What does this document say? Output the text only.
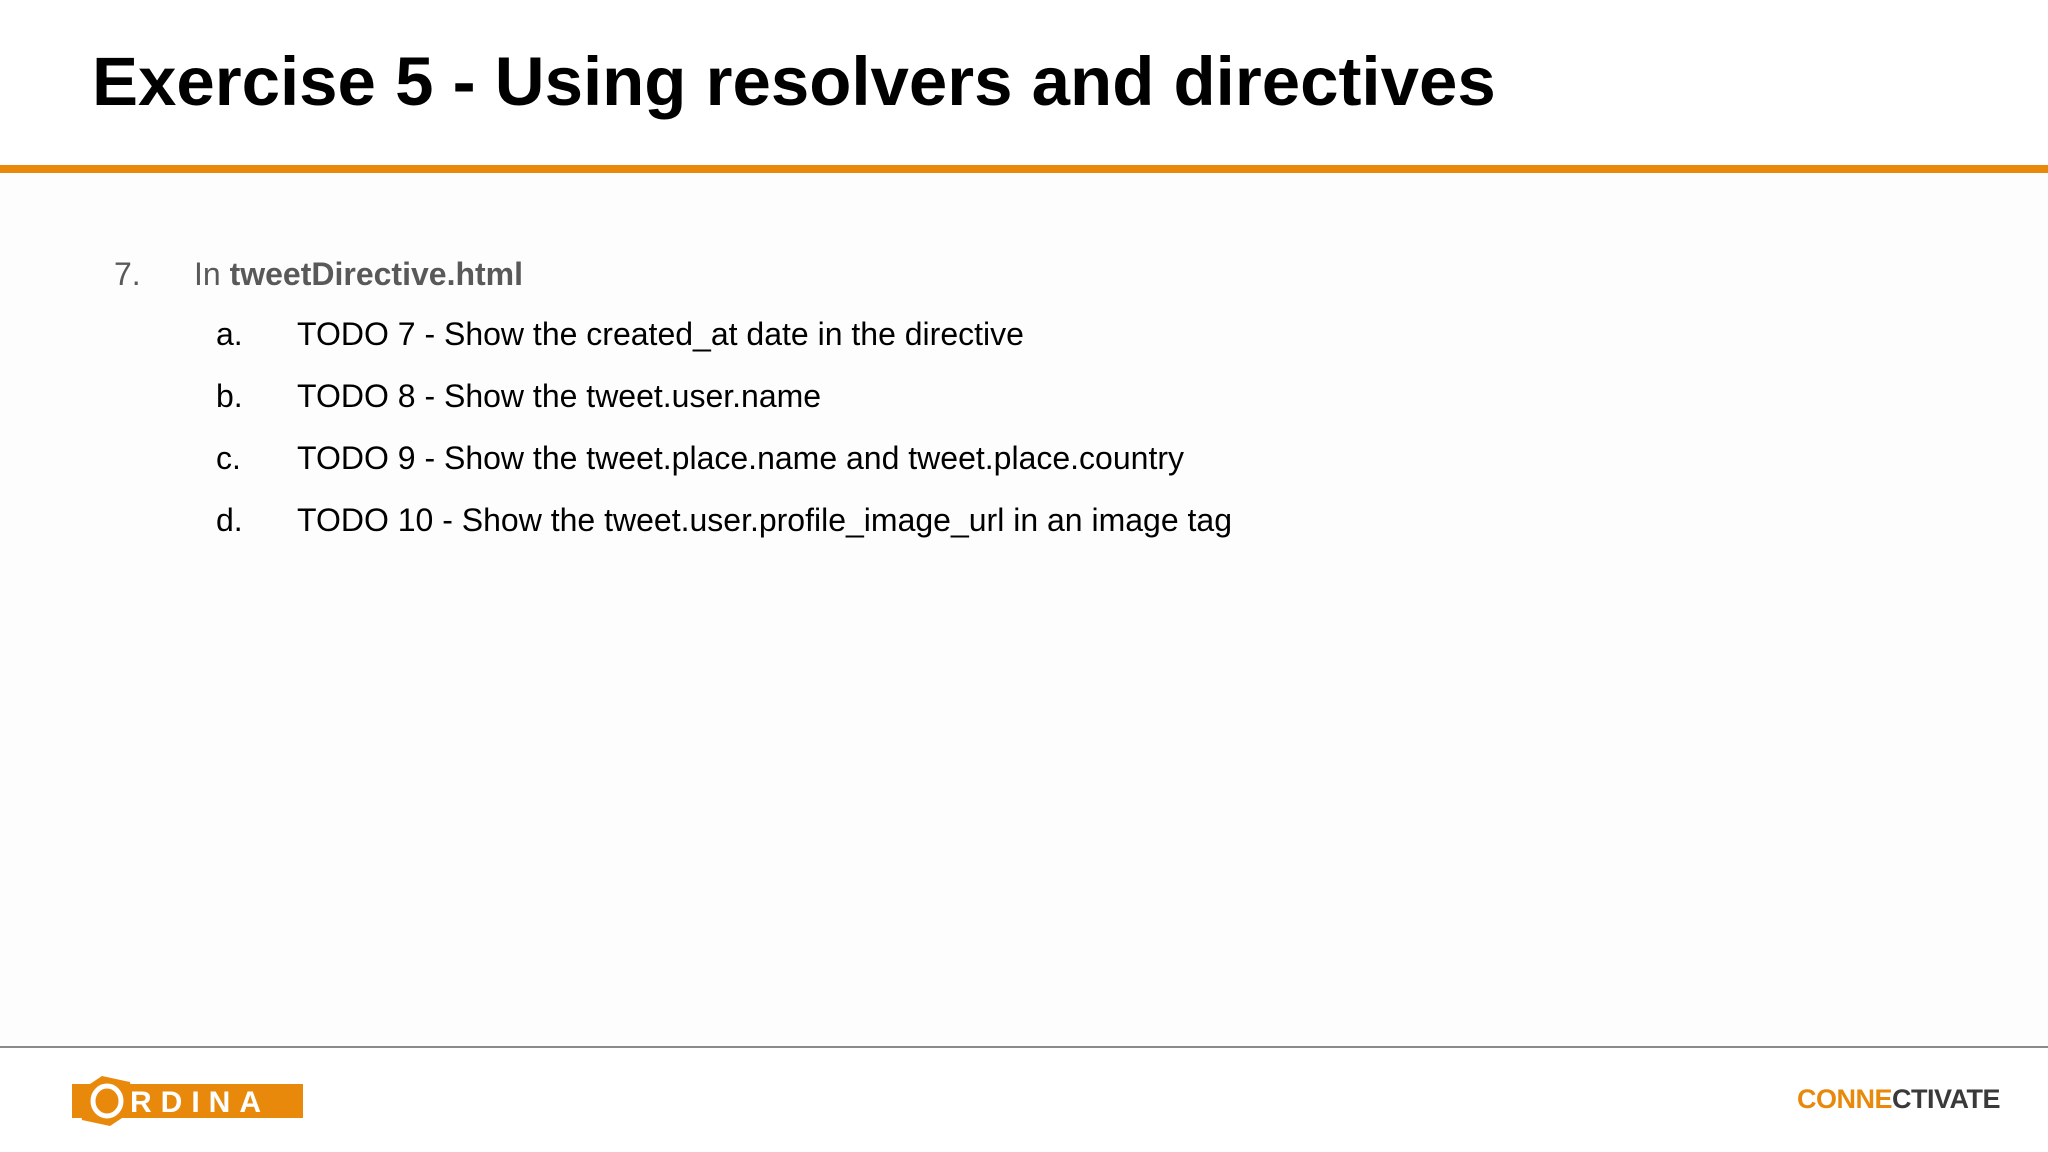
Exercise 5 - Using resolvers and directives
7. In tweetDirective.html
a.	TODO 7 - Show the created_at date in the directive
b.	TODO 8 - Show the tweet.user.name
c.	TODO 9 - Show the tweet.place.name and tweet.place.country
d.	TODO 10 - Show the tweet.user.profile_image_url in an image tag
RDINA	CONNECTIVATE
